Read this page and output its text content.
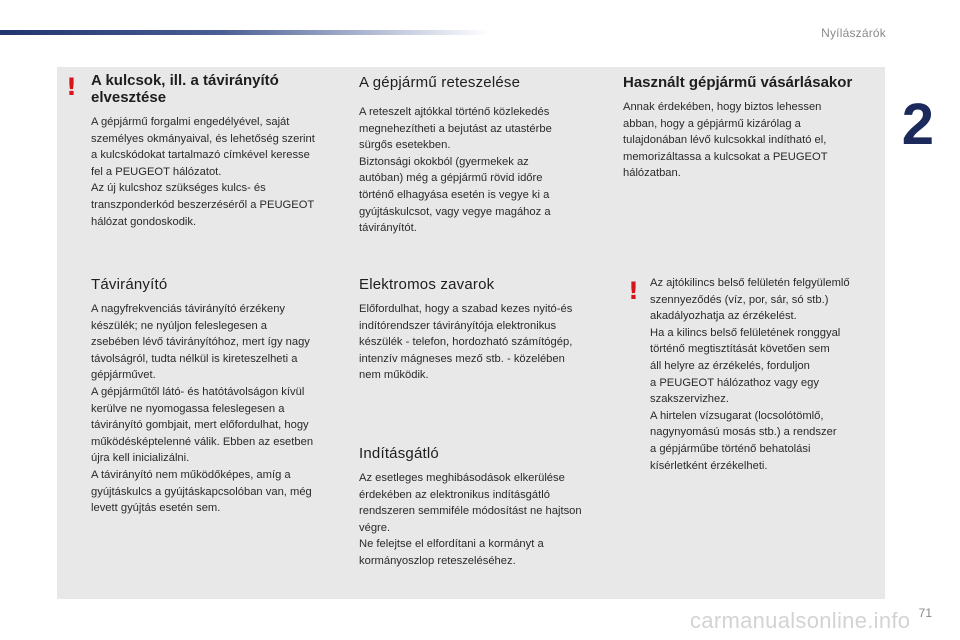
Nyílászárók
2
! A kulcsok, ill. a távirányító elvesztése
A gépjármű forgalmi engedélyével, saját
személyes okmányaival, és lehetőség szerint
a kulcskódokat tartalmazó címkével keresse
fel a PEUGEOT hálózatot.
Az új kulcshoz szükséges kulcs- és
transzponderkód beszerzéséről a PEUGEOT
hálózat gondoskodik.
Távirányító
A nagyfrekvenciás távirányító érzékeny
készülék; ne nyúljon feleslegesen a
zsebében lévő távirányítóhoz, mert így nagy
távolságról, tudta nélkül is kireteszelheti a
gépjárművet.
A gépjárműtől látó- és hatótávolságon kívül
kerülve ne nyomogassa feleslegesen a
távirányító gombjait, mert előfordulhat, hogy
működésképtelenné válik. Ebben az esetben
újra kell inicializálni.
A távirányító nem működőképes, amíg a
gyújtáskulcs a gyújtáskapcsolóban van, még
levett gyújtás esetén sem.
A gépjármű reteszelése
A reteszelt ajtókkal történő közlekedés
megnehezítheti a bejutást az utastérbe
sürgős esetekben.
Biztonsági okokból (gyermekek az
autóban) még a gépjármű rövid időre
történő elhagyása esetén is vegye ki a
gyújtáskulcsot, vagy vegye magához a
távirányítót.
Elektromos zavarok
Előfordulhat, hogy a szabad kezes nyitó-és
indítórendszer távirányítója elektronikus
készülék - telefon, hordozható számítógép,
intenzív mágneses mező stb. - közelében
nem működik.
Indításgátló
Az esetleges meghibásodások elkerülése
érdekében az elektronikus indításgátló
rendszeren semmiféle módosítást ne hajtson
végre.
Ne felejtse el elfordítani a kormányt a
kormányoszlop reteszeléséhez.
Használt gépjármű vásárlásakor
Annak érdekében, hogy biztos lehessen
abban, hogy a gépjármű kizárólag a
tulajdonában lévő kulcsokkal indítható el,
memorizáltassa a kulcsokat a PEUGEOT
hálózatban.
! Az ajtókilincs belső felületén felgyülemlő
szennyeződés (víz, por, sár, só stb.)
akadályozhatja az érzékelést.
Ha a kilincs belső felületének ronggyal
történő megtisztítását követően sem
áll helyre az érzékelés, forduljon
a PEUGEOT hálózathoz vagy egy
szakszervizhez.
A hirtelen vízsugarat (locsolótömlő,
nagynyomású mosás stb.) a rendszer
a gépjárműbe történő behatolási
kísérletként érzékelheti.
carmanualsonline.info 71
